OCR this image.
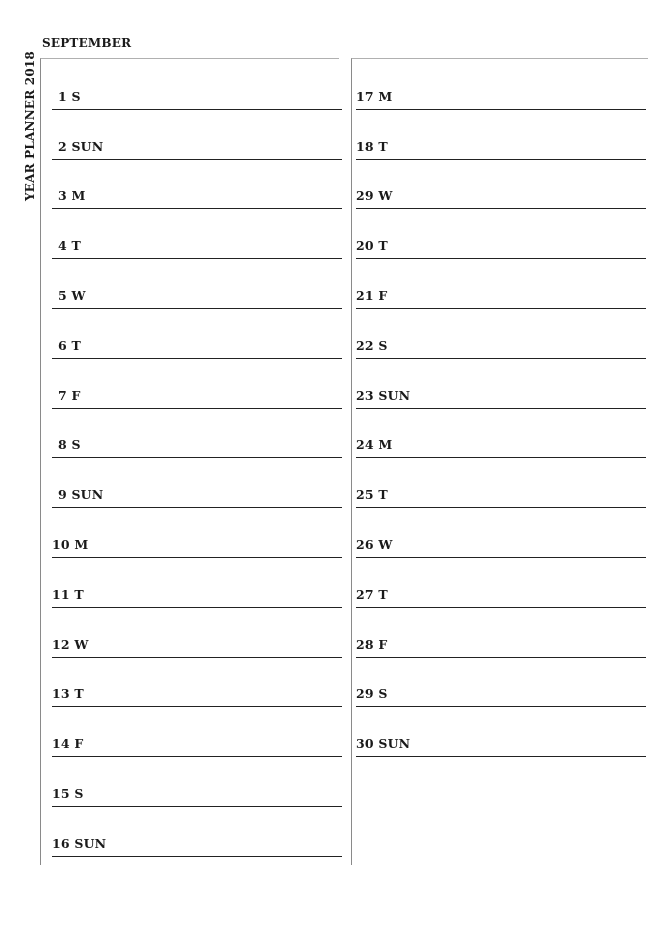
SEPTEMBER
YEAR PLANNER 2018 1 S
2 SUN
3 M
4 T
5 W
6 T
7 F
8 S
9 SUN
10 M
11 T
12 W
13 T
14 F
15 S
16 SUN
17 M
18 T
29 W
20 T
21 F
22 S
23 SUN
24 M
25 T
26 W
27 T
28 F
29 S
30 SUN
